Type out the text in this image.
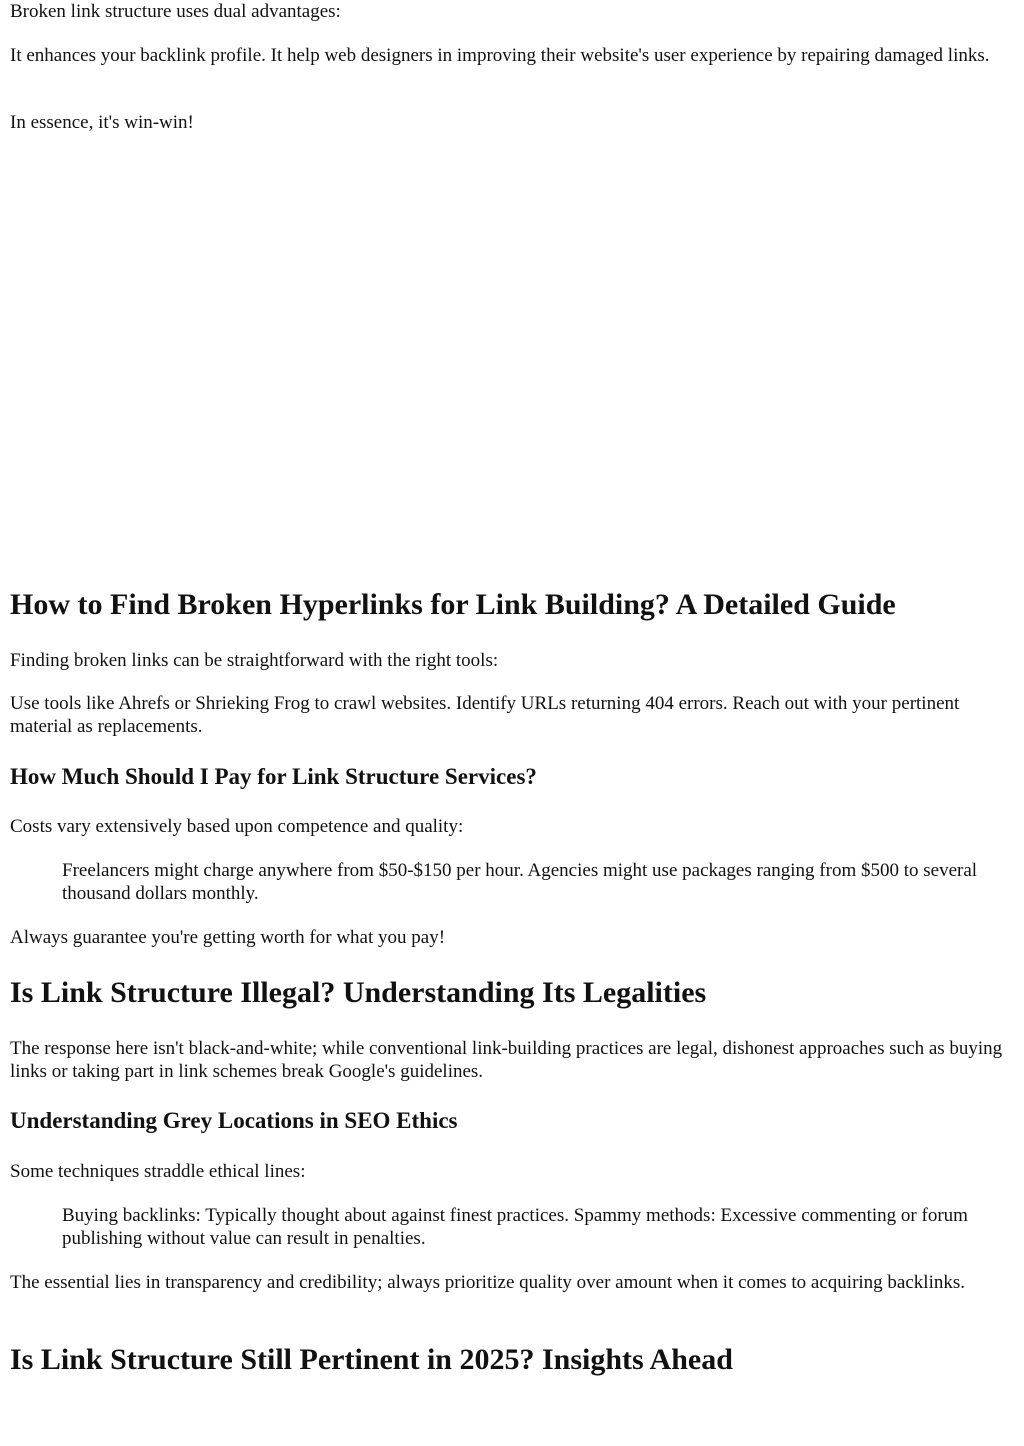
Broken link structure uses dual advantages:

It enhances your backlink profile. It help web designers in improving their website's user experience by repairing damaged links.

In essence, it's win-win!

How to Find Broken Hyperlinks for Link Building? A Detailed Guide

Finding broken links can be straightforward with the right tools:

Use tools like Ahrefs or Shrieking Frog to crawl websites. Identify URLs returning 404 errors. Reach out with your pertinent material as replacements.

How Much Should I Pay for Link Structure Services?

Costs vary extensively based upon competence and quality:

Freelancers might charge anywhere from $50-$150 per hour. Agencies might use packages ranging from $500 to several thousand dollars monthly.

Always guarantee you're getting worth for what you pay!

Is Link Structure Illegal? Understanding Its Legalities

The response here isn't black-and-white; while conventional link-building practices are legal, dishonest approaches such as buying links or taking part in link schemes break Google's guidelines.

Understanding Grey Locations in SEO Ethics

Some techniques straddle ethical lines:

Buying backlinks: Typically thought about against finest practices. Spammy methods: Excessive commenting or forum publishing without value can result in penalties.

The essential lies in transparency and credibility; always prioritize quality over amount when it comes to acquiring backlinks.

Is Link Structure Still Pertinent in 2025? Insights Ahead
